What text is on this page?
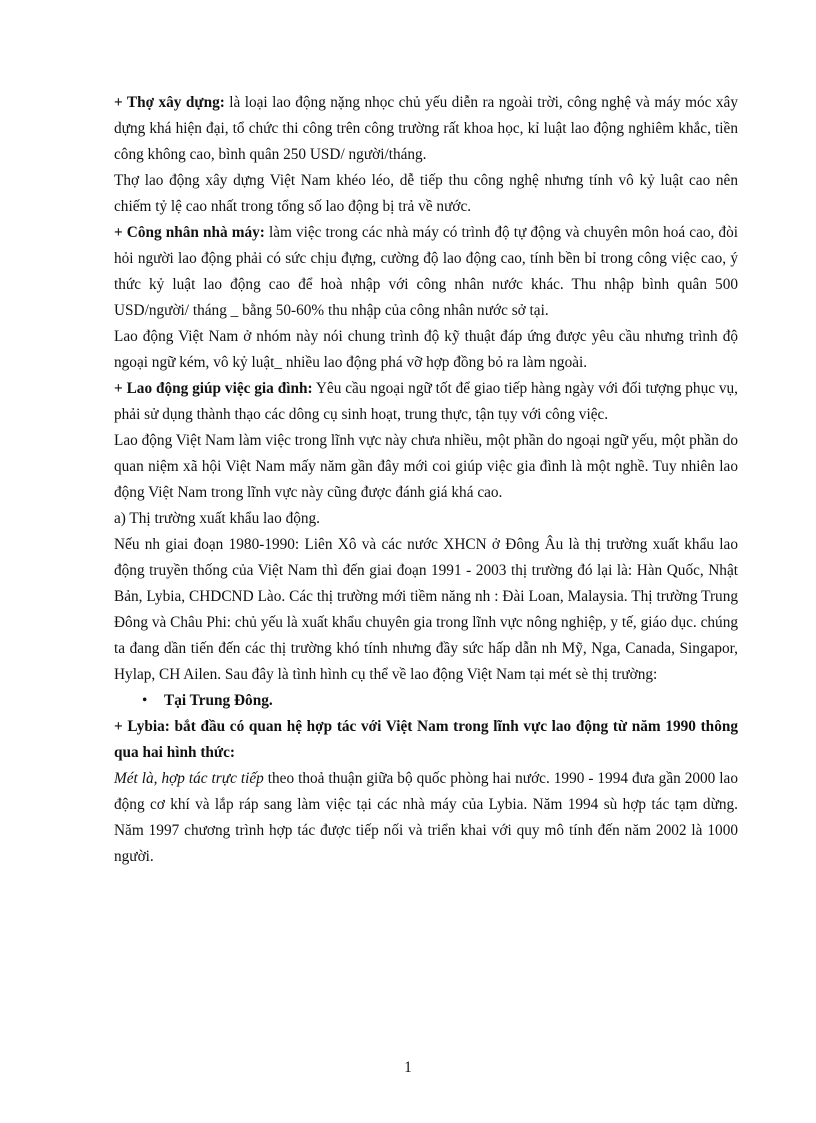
+ Thợ xây dựng: là loại lao động nặng nhọc chủ yếu diễn ra ngoài trời, công nghệ và máy móc xây dựng khá hiện đại, tổ chức thi công trên công trường rất khoa học, kỉ luật lao động nghiêm khắc, tiền công không cao, bình quân 250 USD/ người/tháng.

Thợ lao động xây dựng Việt Nam khéo léo, dễ tiếp thu công nghệ nhưng tính vô kỷ luật cao nên chiếm tỷ lệ cao nhất trong tổng số lao động bị trả về nước.

+ Công nhân nhà máy: làm việc trong các nhà máy có trình độ tự động và chuyên môn hoá cao, đòi hỏi người lao động phải có sức chịu đựng, cường độ lao động cao, tính bền bỉ trong công việc cao, ý thức kỷ luật lao động cao để hoà nhập với công nhân nước khác. Thu nhập bình quân 500 USD/người/ tháng _ bằng 50-60% thu nhập của công nhân nước sở tại.

Lao động Việt Nam ở nhóm này nói chung trình độ kỹ thuật đáp ứng được yêu cầu nhưng trình độ ngoại ngữ kém, vô kỷ luật_ nhiều lao động phá vỡ hợp đồng bỏ ra làm ngoài.

+ Lao động giúp việc gia đình: Yêu cầu ngoại ngữ tốt để giao tiếp hàng ngày với đối tượng phục vụ, phải sử dụng thành thạo các dông cụ sinh hoạt, trung thực, tận tụy với công việc.

Lao động Việt Nam làm việc trong lĩnh vực này chưa nhiều, một phần do ngoại ngữ yếu, một phần do quan niệm xã hội Việt Nam mấy năm gần đây mới coi giúp việc gia đình là một nghề. Tuy nhiên lao động Việt Nam trong lĩnh vực này cũng được đánh giá khá cao.

a) Thị trường xuất khẩu lao động.

Nếu nh giai đoạn 1980-1990: Liên Xô và các nước XHCN ở Đông Âu là thị trường xuất khẩu lao động truyền thống của Việt Nam thì đến giai đoạn 1991 - 2003 thị trường đó lại là: Hàn Quốc, Nhật Bản, Lybia, CHDCND Lào. Các thị trường mới tiềm năng nh : Đài Loan, Malaysia. Thị trường Trung Đông và Châu Phi: chủ yếu là xuất khẩu chuyên gia trong lĩnh vực nông nghiệp, y tế, giáo dục. chúng ta đang dần tiến đến các thị trường khó tính nhưng đầy sức hấp dẫn nh Mỹ, Nga, Canada, Singapor, Hylap, CH Ailen. Sau đây là tình hình cụ thể về lao động Việt Nam tại mét sè thị trường:

• Tại Trung Đông.

+ Lybia: bắt đầu có quan hệ hợp tác với Việt Nam trong lĩnh vực lao động từ năm 1990 thông qua hai hình thức:

Mét là, hợp tác trực tiếp theo thoả thuận giữa bộ quốc phòng hai nước. 1990 - 1994 đưa gần 2000 lao động cơ khí và lắp ráp sang làm việc tại các nhà máy của Lybia. Năm 1994 sù hợp tác tạm dừng. Năm 1997 chương trình hợp tác được tiếp nối và triển khai với quy mô tính đến năm 2002 là 1000 người.

1
